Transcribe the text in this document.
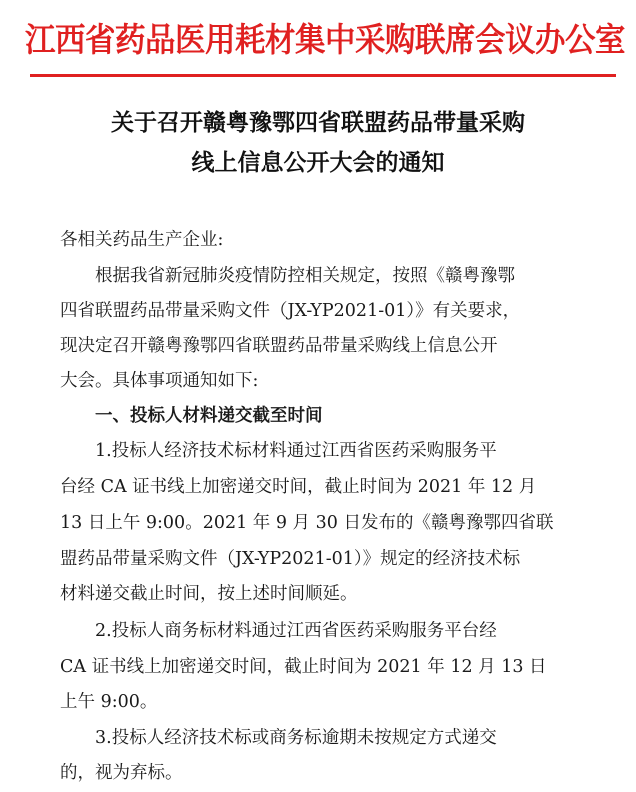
江西省药品医用耗材集中采购联席会议办公室
关于召开赣粤豫鄂四省联盟药品带量采购
线上信息公开大会的通知
各相关药品生产企业:
根据我省新冠肺炎疫情防控相关规定，按照《赣粤豫鄂
四省联盟药品带量采购文件（JX-YP2021-01）》有关要求，
现决定召开赣粤豫鄂四省联盟药品带量采购线上信息公开
大会。具体事项通知如下:
一、投标人材料递交截至时间
1.投标人经济技术标材料通过江西省医药采购服务平
台经 CA 证书线上加密递交时间，截止时间为 2021 年 12 月
13 日上午 9:00。2021 年 9 月 30 日发布的《赣粤豫鄂四省联
盟药品带量采购文件（JX-YP2021-01）》规定的经济技术标
材料递交截止时间，按上述时间顺延。
2.投标人商务标材料通过江西省医药采购服务平台经
CA 证书线上加密递交时间，截止时间为 2021 年 12 月 13 日
上午 9:00。
3.投标人经济技术标或商务标逾期未按规定方式递交
的，视为弃标。
